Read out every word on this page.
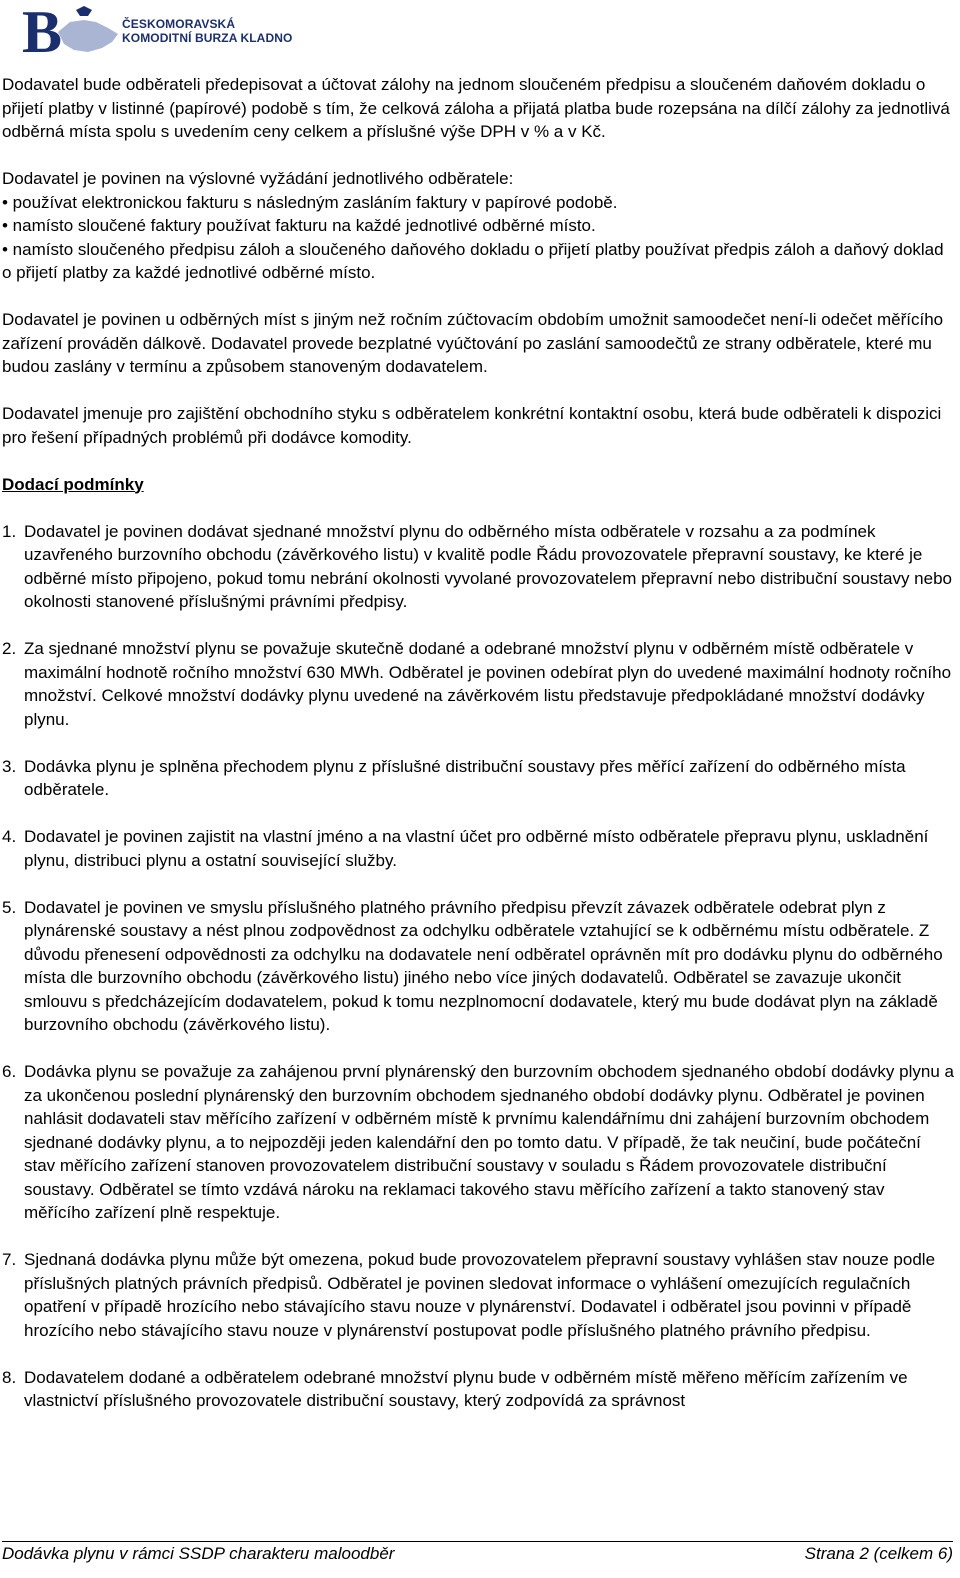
B	ČESKOMORAVSKÁ
KOMODITNÍ BURZA KLADNO

Dodavatel bude odběrateli předepisovat a účtovat zálohy na jednom sloučeném předpisu a sloučeném daňovém dokladu o přijetí platby v listinné (papírové) podobě s tím, že celková záloha a přijatá platba bude rozepsána na dílčí zálohy za jednotlivá odběrná místa spolu s uvedením ceny celkem a příslušné výše DPH v % a v Kč.

Dodavatel je povinen na výslovné vyžádání jednotlivého odběratele:

• používat elektronickou fakturu s následným zasláním faktury v papírové podobě.

• namísto sloučené faktury používat fakturu na každé jednotlivé odběrné místo.

• namísto sloučeného předpisu záloh a sloučeného daňového dokladu o přijetí platby používat předpis záloh a daňový doklad o přijetí platby za každé jednotlivé odběrné místo.

Dodavatel je povinen u odběrných míst s jiným než ročním zúčtovacím obdobím umožnit samoodečet není-li odečet měřícího zařízení prováděn dálkově. Dodavatel provede bezplatné vyúčtování po zaslání samoodečtů ze strany odběratele, které mu budou zaslány v termínu a způsobem stanoveným dodavatelem.

Dodavatel jmenuje pro zajištění obchodního styku s odběratelem konkrétní kontaktní osobu, která bude odběrateli k dispozici pro řešení případných problémů při dodávce komodity.

Dodací podmínky

1. Dodavatel je povinen dodávat sjednané množství plynu do odběrného místa odběratele v rozsahu a za podmínek uzavřeného burzovního obchodu (závěrkového listu) v kvalitě podle Řádu provozovatele přepravní soustavy, ke které je odběrné místo připojeno, pokud tomu nebrání okolnosti vyvolané provozovatelem přepravní nebo distribuční soustavy nebo okolnosti stanovené příslušnými právními předpisy.
2. Za sjednané množství plynu se považuje skutečně dodané a odebrané množství plynu v odběrném místě odběratele v maximální hodnotě ročního množství 630 MWh. Odběratel je povinen odebírat plyn do uvedené maximální hodnoty ročního množství. Celkové množství dodávky plynu uvedené na závěrkovém listu představuje předpokládané množství dodávky plynu.
3. Dodávka plynu je splněna přechodem plynu z příslušné distribuční soustavy přes měřící zařízení do odběrného místa odběratele.
4. Dodavatel je povinen zajistit na vlastní jméno a na vlastní účet pro odběrné místo odběratele přepravu plynu, uskladnění plynu, distribuci plynu a ostatní související služby.
5. Dodavatel je povinen ve smyslu příslušného platného právního předpisu převzít závazek odběratele odebrat plyn z plynárenské soustavy a nést plnou zodpovědnost za odchylku odběratele vztahující se k odběrnému místu odběratele. Z důvodu přenesení odpovědnosti za odchylku na dodavatele není odběratel oprávněn mít pro dodávku plynu do odběrného místa dle burzovního obchodu (závěrkového listu) jiného nebo více jiných dodavatelů. Odběratel se zavazuje ukončit smlouvu s předcházejícím dodavatelem, pokud k tomu nezplnomocní dodavatele, který mu bude dodávat plyn na základě burzovního obchodu (závěrkového listu).
6. Dodávka plynu se považuje za zahájenou první plynárenský den burzovním obchodem sjednaného období dodávky plynu a za ukončenou poslední plynárenský den burzovním obchodem sjednaného období dodávky plynu. Odběratel je povinen nahlásit dodavateli stav měřícího zařízení v odběrném místě k prvnímu kalendářnímu dni zahájení burzovním obchodem sjednané dodávky plynu, a to nejpozději jeden kalendářní den po tomto datu. V případě, že tak neučiní, bude počáteční stav měřícího zařízení stanoven provozovatelem distribuční soustavy v souladu s Řádem provozovatele distribuční soustavy. Odběratel se tímto vzdává nároku na reklamaci takového stavu měřícího zařízení a takto stanovený stav měřícího zařízení plně respektuje.
7. Sjednaná dodávka plynu může být omezena, pokud bude provozovatelem přepravní soustavy vyhlášen stav nouze podle příslušných platných právních předpisů. Odběratel je povinen sledovat informace o vyhlášení omezujících regulačních opatření v případě hrozícího nebo stávajícího stavu nouze v plynárenství. Dodavatel i odběratel jsou povinni v případě hrozícího nebo stávajícího stavu nouze v plynárenství postupovat podle příslušného platného právního předpisu.
8. Dodavatelem dodané a odběratelem odebrané množství plynu bude v odběrném místě měřeno měřícím zařízením ve vlastnictví příslušného provozovatele distribuční soustavy, který zodpovídá za správnost
Dodávka plynu v rámci SSDP charakteru maloodběr	Strana 2 (celkem 6)
